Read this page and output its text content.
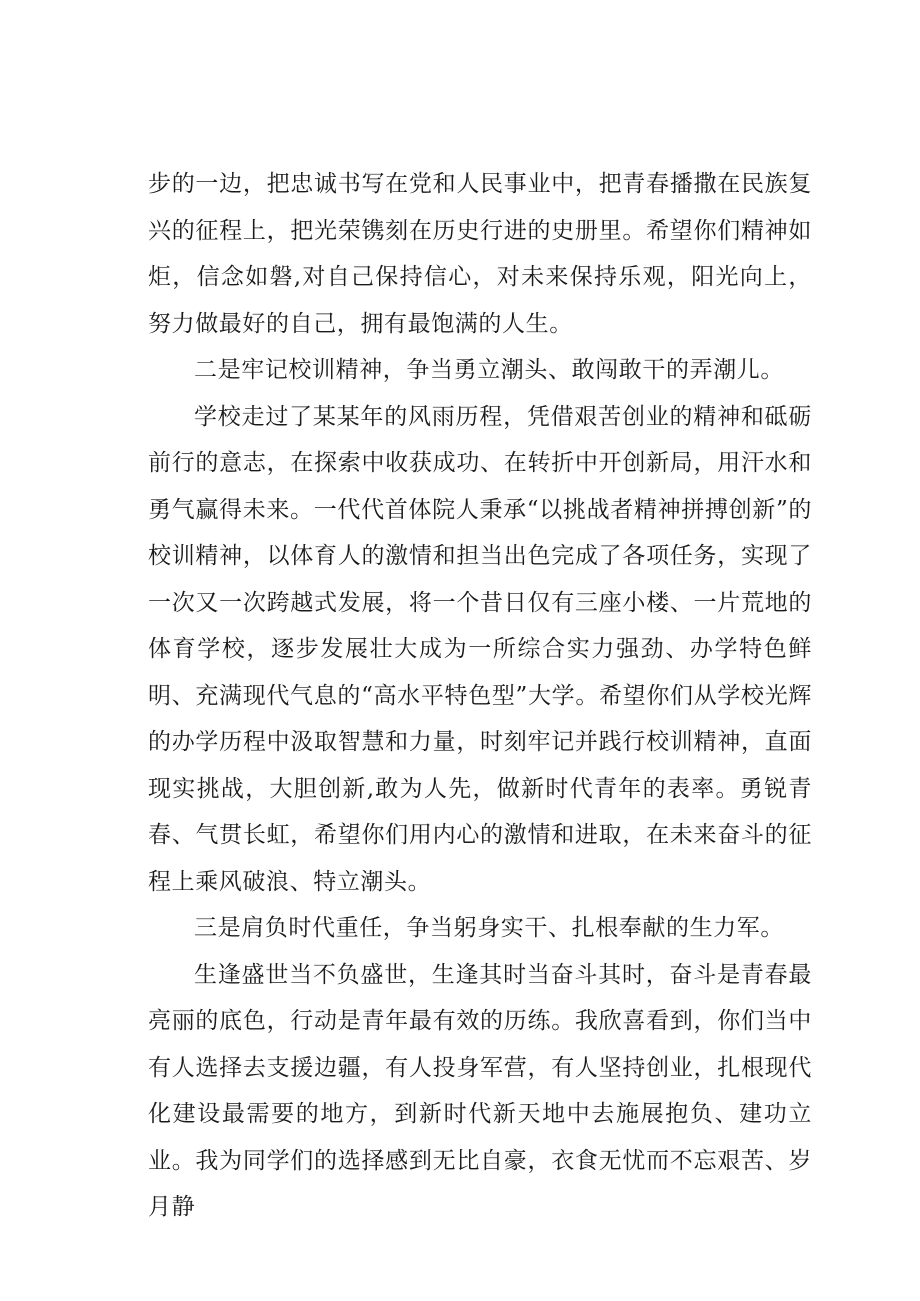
步的一边，把忠诚书写在党和人民事业中，把青春播撒在民族复兴的征程上，把光荣镌刻在历史行进的史册里。希望你们精神如炬，信念如磐,对自己保持信心，对未来保持乐观，阳光向上，努力做最好的自己，拥有最饱满的人生。

二是牢记校训精神，争当勇立潮头、敢闯敢干的弄潮儿。

学校走过了某某年的风雨历程，凭借艰苦创业的精神和砥砺前行的意志，在探索中收获成功、在转折中开创新局，用汗水和勇气赢得未来。一代代首体院人秉承“以挑战者精神拼搏创新”的校训精神，以体育人的激情和担当出色完成了各项任务，实现了一次又一次跨越式发展，将一个昔日仅有三座小楼、一片荒地的体育学校，逐步发展壮大成为一所综合实力强劲、办学特色鲜明、充满现代气息的“高水平特色型”大学。希望你们从学校光辉的办学历程中汲取智慧和力量，时刻牢记并践行校训精神，直面现实挑战，大胆创新,敢为人先，做新时代青年的表率。勇锐青春、气贯长虹，希望你们用内心的激情和进取，在未来奋斗的征程上乘风破浪、特立潮头。

三是肩负时代重任，争当躬身实干、扎根奉献的生力军。

生逢盛世当不负盛世，生逢其时当奋斗其时，奋斗是青春最亮丽的底色，行动是青年最有效的历练。我欣喜看到，你们当中有人选择去支援边疆，有人投身军营，有人坚持创业，扎根现代化建设最需要的地方，到新时代新天地中去施展抱负、建功立业。我为同学们的选择感到无比自豪，衣食无忧而不忘艰苦、岁月静
